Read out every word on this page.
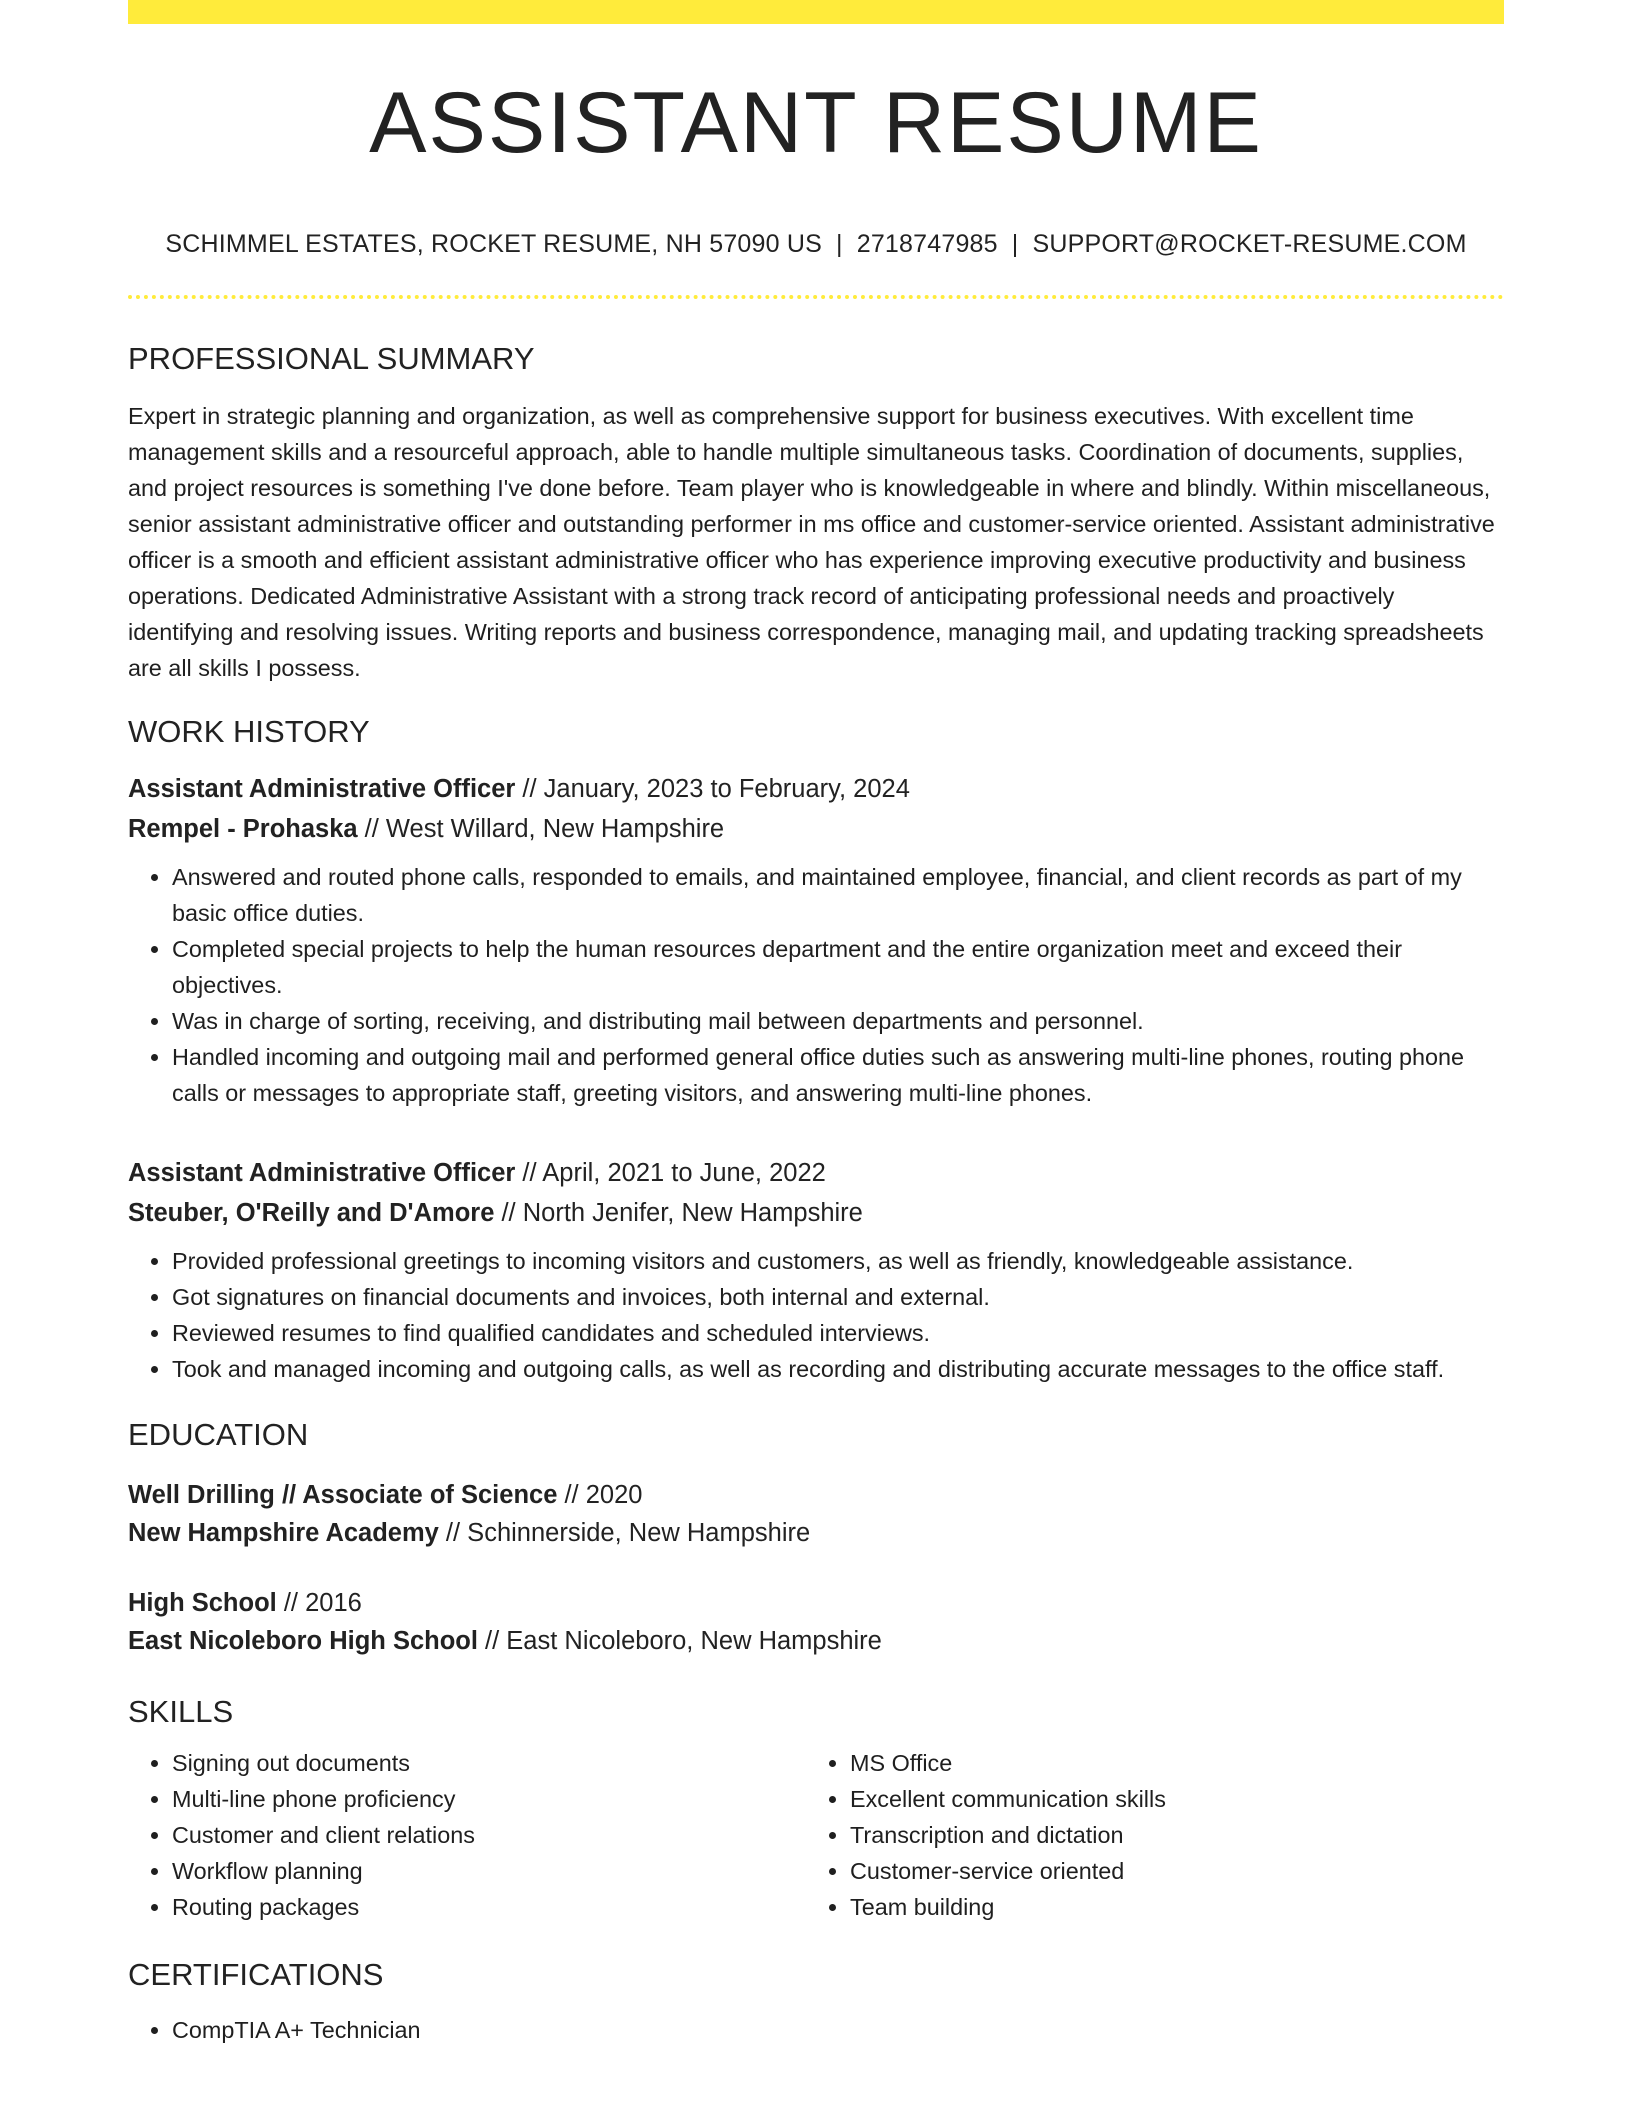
ASSISTANT RESUME
SCHIMMEL ESTATES, ROCKET RESUME, NH 57090 US | 2718747985 | SUPPORT@ROCKET-RESUME.COM
PROFESSIONAL SUMMARY
Expert in strategic planning and organization, as well as comprehensive support for business executives. With excellent time management skills and a resourceful approach, able to handle multiple simultaneous tasks. Coordination of documents, supplies, and project resources is something I've done before. Team player who is knowledgeable in where and blindly. Within miscellaneous, senior assistant administrative officer and outstanding performer in ms office and customer-service oriented. Assistant administrative officer is a smooth and efficient assistant administrative officer who has experience improving executive productivity and business operations. Dedicated Administrative Assistant with a strong track record of anticipating professional needs and proactively identifying and resolving issues. Writing reports and business correspondence, managing mail, and updating tracking spreadsheets are all skills I possess.
WORK HISTORY
Assistant Administrative Officer // January, 2023 to February, 2024
Rempel - Prohaska // West Willard, New Hampshire
• Answered and routed phone calls, responded to emails, and maintained employee, financial, and client records as part of my basic office duties.
• Completed special projects to help the human resources department and the entire organization meet and exceed their objectives.
• Was in charge of sorting, receiving, and distributing mail between departments and personnel.
• Handled incoming and outgoing mail and performed general office duties such as answering multi-line phones, routing phone calls or messages to appropriate staff, greeting visitors, and answering multi-line phones.
Assistant Administrative Officer // April, 2021 to June, 2022
Steuber, O'Reilly and D'Amore // North Jenifer, New Hampshire
• Provided professional greetings to incoming visitors and customers, as well as friendly, knowledgeable assistance.
• Got signatures on financial documents and invoices, both internal and external.
• Reviewed resumes to find qualified candidates and scheduled interviews.
• Took and managed incoming and outgoing calls, as well as recording and distributing accurate messages to the office staff.
EDUCATION
Well Drilling // Associate of Science // 2020
New Hampshire Academy // Schinnerside, New Hampshire
High School // 2016
East Nicoleboro High School // East Nicoleboro, New Hampshire
SKILLS
• Signing out documents
• Multi-line phone proficiency
• Customer and client relations
• Workflow planning
• Routing packages
• MS Office
• Excellent communication skills
• Transcription and dictation
• Customer-service oriented
• Team building
CERTIFICATIONS
• CompTIA A+ Technician
